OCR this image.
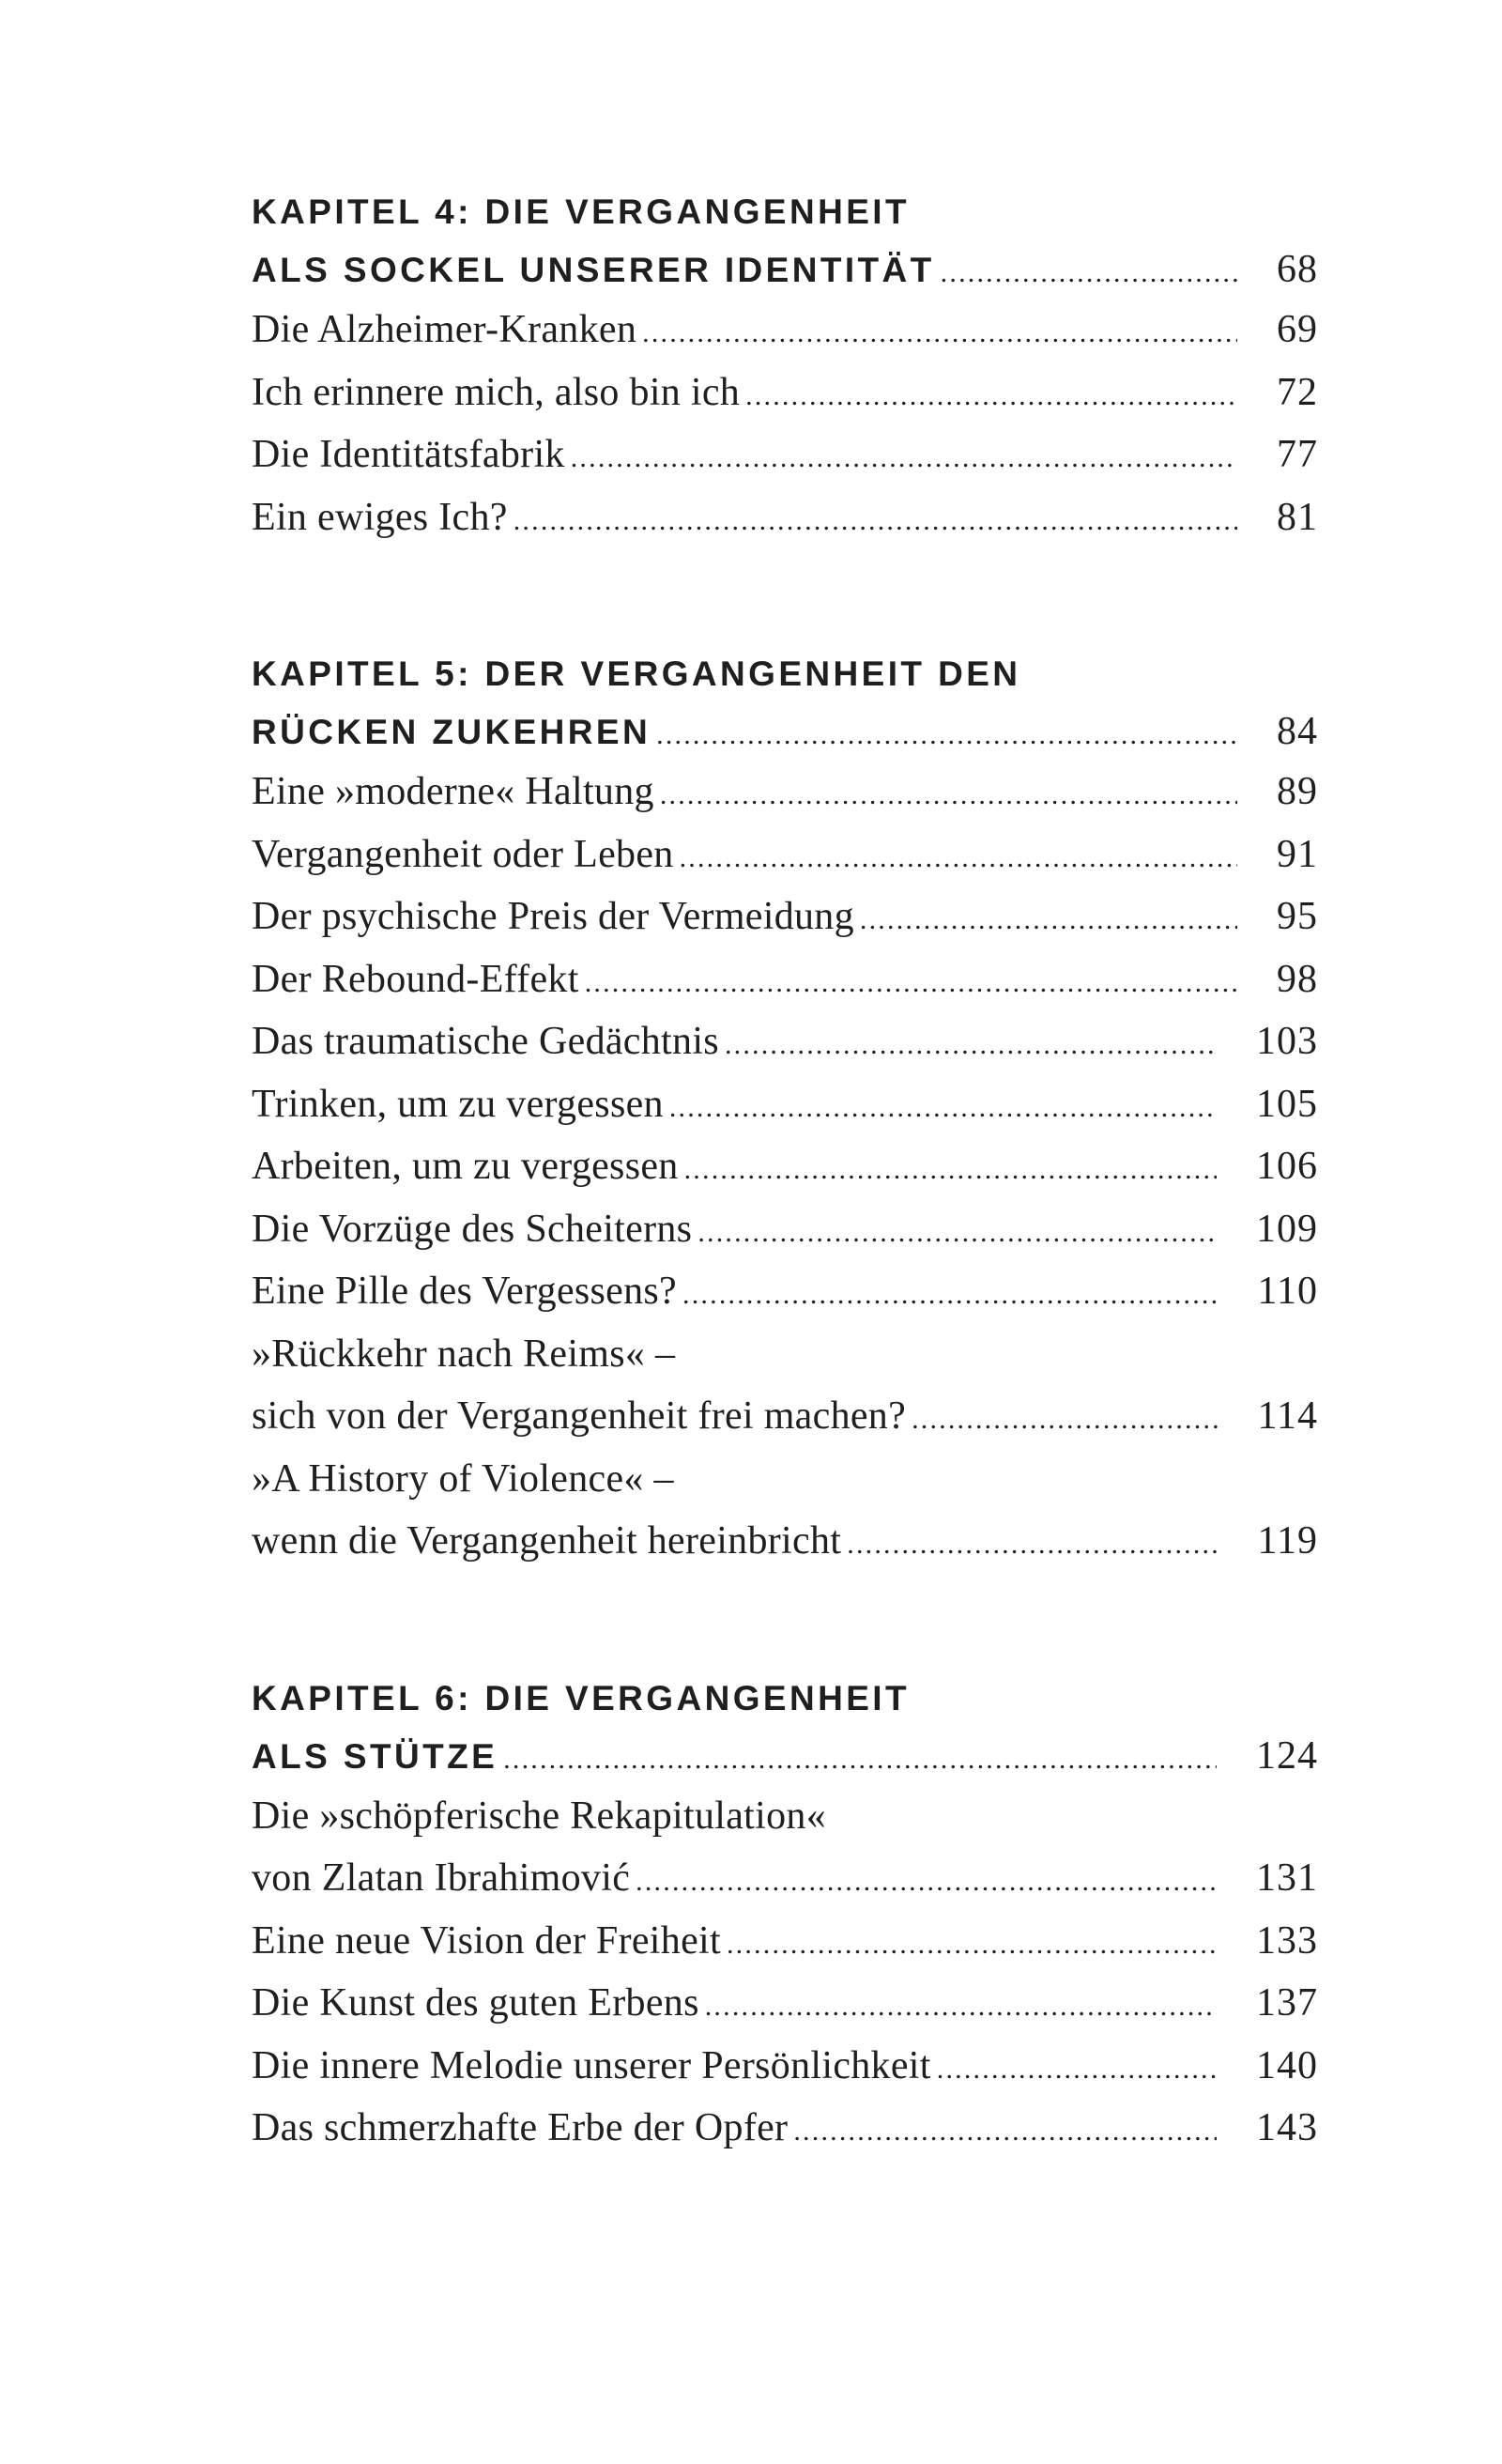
KAPITEL 4: DIE VERGANGENHEIT
ALS SOCKEL UNSERER IDENTITÄT .....	68
Die Alzheimer-Kranken .....	69
Ich erinnere mich, also bin ich .....	72
Die Identitätsfabrik .....	77
Ein ewiges Ich? .....	81
KAPITEL 5: DER VERGANGENHEIT DEN
RÜCKEN ZUKEHREN .....	84
Eine »moderne« Haltung .....	89
Vergangenheit oder Leben .....	91
Der psychische Preis der Vermeidung .....	95
Der Rebound-Effekt .....	98
Das traumatische Gedächtnis .....	103
Trinken, um zu vergessen .....	105
Arbeiten, um zu vergessen .....	106
Die Vorzüge des Scheiterns .....	109
Eine Pille des Vergessens? .....	110
»Rückkehr nach Reims« –
sich von der Vergangenheit frei machen? .....	114
»A History of Violence« –
wenn die Vergangenheit hereinbricht .....	119
KAPITEL 6: DIE VERGANGENHEIT
ALS STÜTZE .....	124
Die »schöpferische Rekapitulation«
von Zlatan Ibrahimović .....	131
Eine neue Vision der Freiheit .....	133
Die Kunst des guten Erbens .....	137
Die innere Melodie unserer Persönlichkeit .....	140
Das schmerzhafte Erbe der Opfer .....	143
